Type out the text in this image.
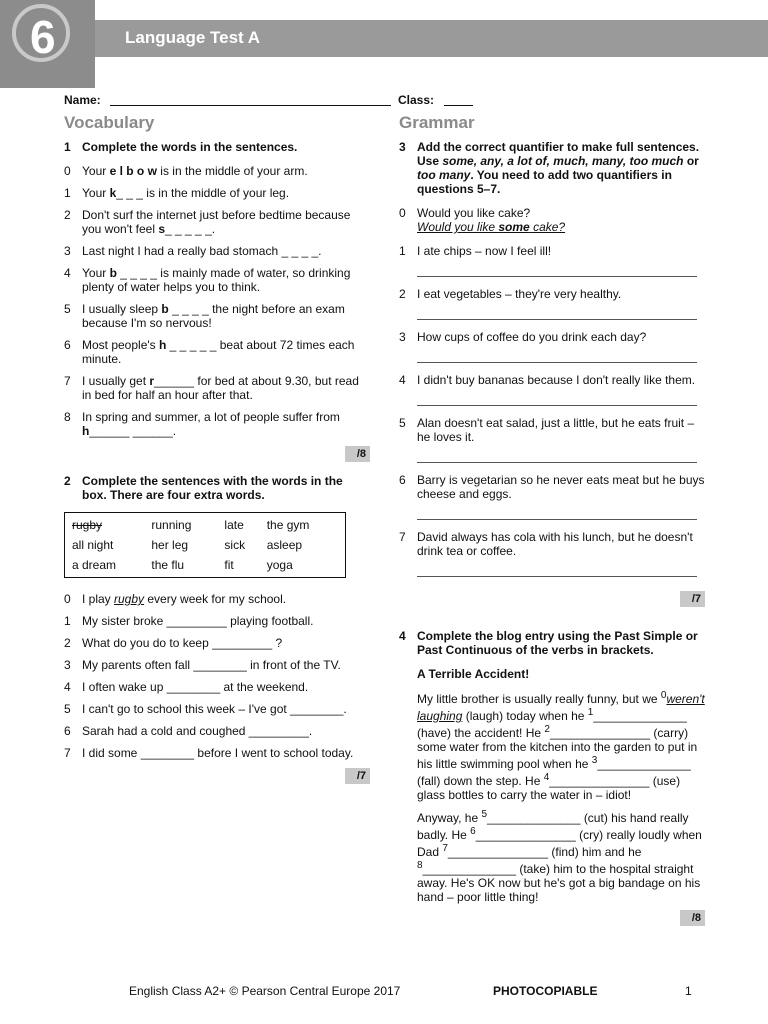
6	Language Test A
Name:	Class:
Vocabulary
1 Complete the words in the sentences.
0 Your e l b o w is in the middle of your arm.
1 Your k_ _ _ is in the middle of your leg.
2 Don't surf the internet just before bedtime because you won't feel s_ _ _ _ _.
3 Last night I had a really bad stomach _ _ _ _.
4 Your b _ _ _ _ is mainly made of water, so drinking plenty of water helps you to think.
5 I usually sleep b _ _ _ _ the night before an exam because I'm so nervous!
6 Most people's h _ _ _ _ _ beat about 72 times each minute.
7 I usually get r______ for bed at about 9.30, but read in bed for half an hour after that.
8 In spring and summer, a lot of people suffer from h______ ______.
/8
2 Complete the sentences with the words in the box. There are four extra words.
rugby	running	late	the gym
all night	her leg	sick	asleep
a dream	the flu	fit	yoga
0 I play rugby every week for my school.
1 My sister broke _________ playing football.
2 What do you do to keep _________ ?
3 My parents often fall ________ in front of the TV.
4 I often wake up ________ at the weekend.
5 I can't go to school this week – I've got ________.
6 Sarah had a cold and coughed _________.
7 I did some ________ before I went to school today.
/7
Grammar
3 Add the correct quantifier to make full sentences. Use some, any, a lot of, much, many, too much or too many. You need to add two quantifiers in questions 5–7.
0 Would you like cake?
Would you like some cake?
1 I ate chips – now I feel ill!
2 I eat vegetables – they're very healthy.
3 How cups of coffee do you drink each day?
4 I didn't buy bananas because I don't really like them.
5 Alan doesn't eat salad, just a little, but he eats fruit – he loves it.
6 Barry is vegetarian so he never eats meat but he buys cheese and eggs.
7 David always has cola with his lunch, but he doesn't drink tea or coffee.
/7
4 Complete the blog entry using the Past Simple or Past Continuous of the verbs in brackets.
A Terrible Accident!
My little brother is usually really funny, but we $^0$weren't laughing (laugh) today when he $^1$______________ (have) the accident! He $^2$_______________ (carry) some water from the kitchen into the garden to put in his little swimming pool when he $^3$______________ (fall) down the step. He $^4$_______________ (use) glass bottles to carry the water in – idiot!
Anyway, he $^5$______________ (cut) his hand really badly. He $^6$_______________ (cry) really loudly when Dad $^7$_______________ (find) him and he $^8$______________ (take) him to the hospital straight away. He's OK now but he's got a big bandage on his hand – poor little thing!
/8
English Class A2+ © Pearson Central Europe 2017	PHOTOCOPIABLE	1
